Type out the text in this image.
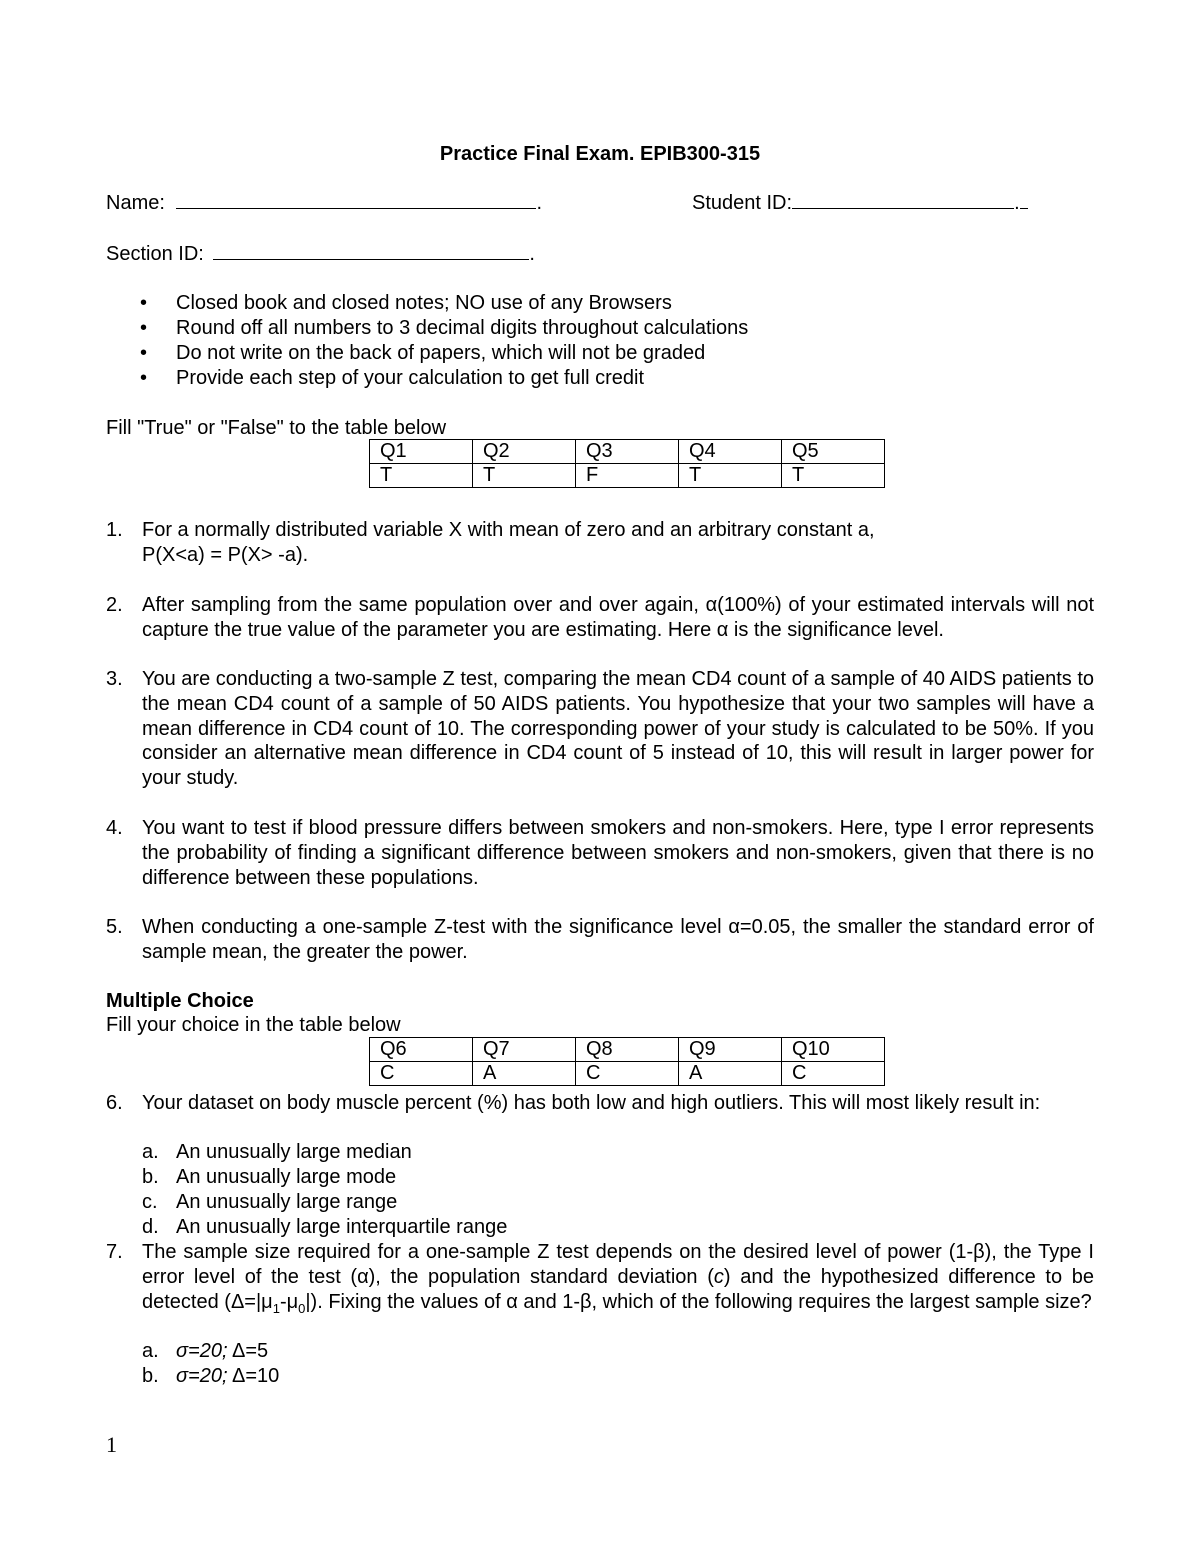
Practice Final Exam. EPIB300-315
Name:	.	Student ID:	.
Section ID:	.
• Closed book and closed notes; NO use of any Browsers
• Round off all numbers to 3 decimal digits throughout calculations
• Do not write on the back of papers, which will not be graded
• Provide each step of your calculation to get full credit
Fill "True" or "False" to the table below
Q1	Q2	Q3	Q4	Q5
T	T	F	T	T
1. For a normally distributed variable X with mean of zero and an arbitrary constant a,
P(X<a) = P(X> -a).
2. After sampling from the same population over and over again, α(100%) of your estimated intervals will not capture the true value of the parameter you are estimating. Here α is the significance level.
3. You are conducting a two-sample Z test, comparing the mean CD4 count of a sample of 40 AIDS patients to the mean CD4 count of a sample of 50 AIDS patients. You hypothesize that your two samples will have a mean difference in CD4 count of 10. The corresponding power of your study is calculated to be 50%. If you consider an alternative mean difference in CD4 count of 5 instead of 10, this will result in larger power for your study.
4. You want to test if blood pressure differs between smokers and non-smokers. Here, type I error represents the probability of finding a significant difference between smokers and non-smokers, given that there is no difference between these populations.
5. When conducting a one-sample Z-test with the significance level α=0.05, the smaller the standard error of sample mean, the greater the power.
Multiple Choice
Fill your choice in the table below
Q6	Q7	Q8	Q9	Q10
C	A	C	A	C
6. Your dataset on body muscle percent (%) has both low and high outliers. This will most likely result in:
a. An unusually large median
b. An unusually large mode
c. An unusually large range
d. An unusually large interquartile range
7. The sample size required for a one-sample Z test depends on the desired level of power (1-β), the Type I error level of the test (α), the population standard deviation (c) and the hypothesized difference to be detected $(\Delta=|\mu_1-\mu_0|)$. Fixing the values of α and 1-β, which of the following requires the largest sample size?
a. σ=20; Δ=5
b. σ=20; Δ=10
1
